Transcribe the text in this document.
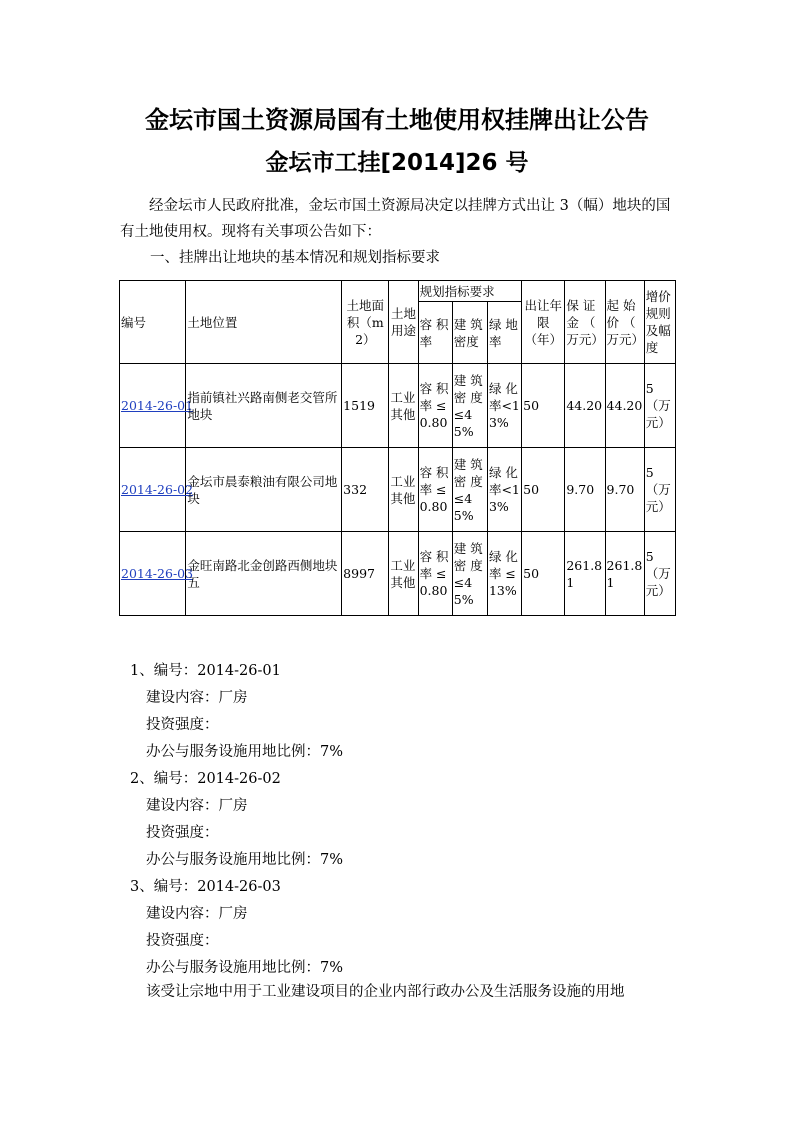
金坛市国土资源局国有土地使用权挂牌出让公告
金坛市工挂[2014]26 号
经金坛市人民政府批准，金坛市国土资源局决定以挂牌方式出让 3（幅）地块的国有土地使用权。现将有关事项公告如下：
一、挂牌出让地块的基本情况和规划指标要求
编号	土地位置	土地面积（m2）	土地用途	规划指标要求			出让年限（年）	保 证金 （ 万元）	起 始价 （ 万元）	增价规则及幅度
				容 积率	建 筑密度	绿 地率				
2014-26-01	指前镇社兴路南侧老交管所地块	1519	工业其他	容 积率 ≤0.80	建 筑密 度≤45%	绿 化率<13%	50	44.20	44.20	5 （万元）
2014-26-02	金坛市晨泰粮油有限公司地块	332	工业其他	容 积率 ≤0.80	建 筑密 度≤45%	绿 化率<13%	50	9.70	9.70	5 （万元）
2014-26-03	金旺南路北金创路西侧地块五	8997	工业其他	容 积率 ≤0.80	建 筑密 度≤45%	绿 化率 ≤13%	50	261.81	261.81	5 （万元）
1、编号：2014-26-01
建设内容：厂房
投资强度：
办公与服务设施用地比例：7%
2、编号：2014-26-02
建设内容：厂房
投资强度：
办公与服务设施用地比例：7%
3、编号：2014-26-03
建设内容：厂房
投资强度：
办公与服务设施用地比例：7%
该受让宗地中用于工业建设项目的企业内部行政办公及生活服务设施的用地
